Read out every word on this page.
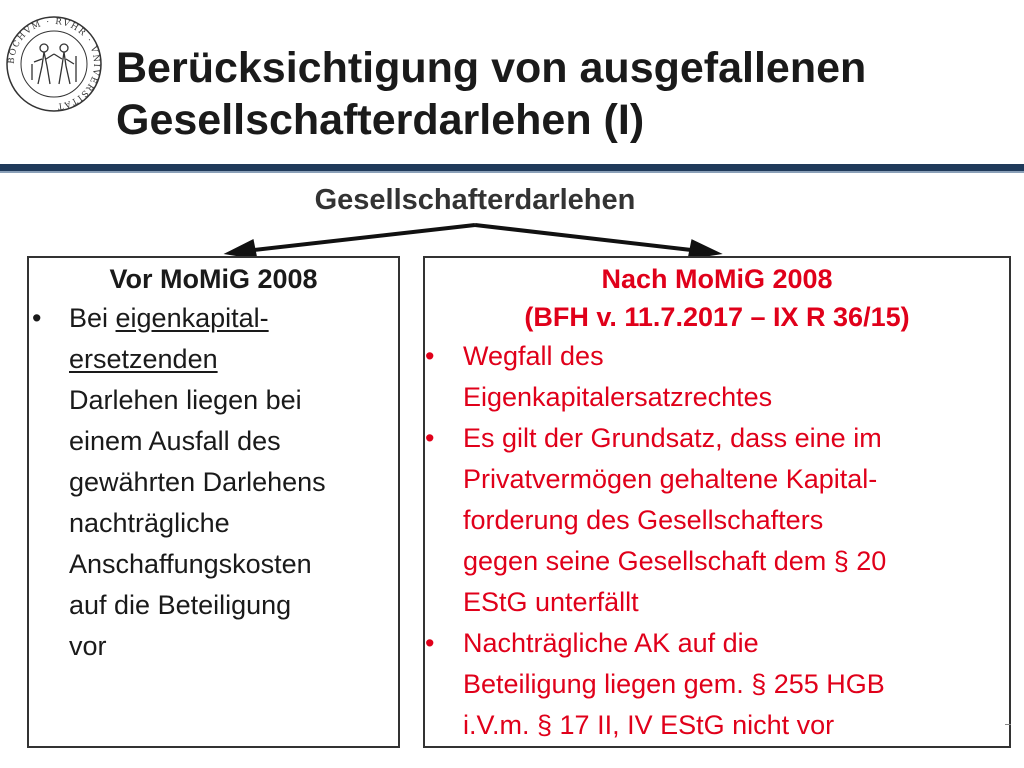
BOCHVM · RVHR · VNIVERSITAT
Berücksichtigung von ausgefallenen
Gesellschafterdarlehen (I)
Gesellschafterdarlehen
Vor MoMiG 2008
•	Bei eigenkapital-
ersetzenden
Darlehen liegen bei
einem Ausfall des
gewährten Darlehens
nachträgliche
Anschaffungskosten
auf die Beteiligung
vor
Nach MoMiG 2008
(BFH v. 11.7.2017 – IX R 36/15)
•	Wegfall des
Eigenkapitalersatzrechtes
•	Es gilt der Grundsatz, dass eine im
Privatvermögen gehaltene Kapital-
forderung des Gesellschafters
gegen seine Gesellschaft dem § 20
EStG unterfällt
•	Nachträgliche AK auf die
Beteiligung liegen gem. § 255 HGB
i.V.m. § 17 II, IV EStG nicht vor
